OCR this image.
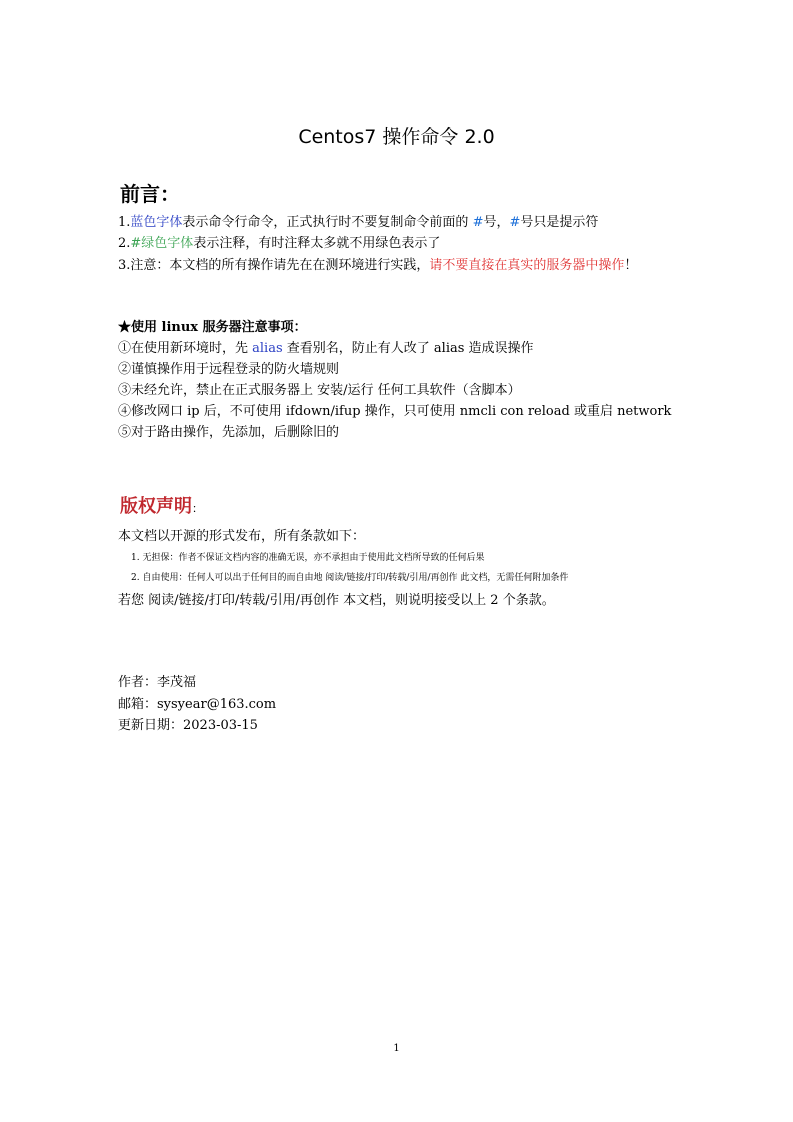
Centos7 操作命令 2.0
前言：
1.蓝色字体表示命令行命令，正式执行时不要复制命令前面的 #号，#号只是提示符
2.#绿色字体表示注释，有时注释太多就不用绿色表示了
3.注意：本文档的所有操作请先在在测环境进行实践，请不要直接在真实的服务器中操作！
★使用 linux 服务器注意事项：
①在使用新环境时，先 alias 查看别名，防止有人改了 alias 造成误操作
②谨慎操作用于远程登录的防火墙规则
③未经允许，禁止在正式服务器上 安装/运行 任何工具软件（含脚本）
④修改网口 ip 后，不可使用 ifdown/ifup 操作，只可使用 nmcli con reload 或重启 network
⑤对于路由操作，先添加，后删除旧的
版权声明：
本文档以开源的形式发布，所有条款如下：
1. 无担保：作者不保证文档内容的准确无误，亦不承担由于使用此文档所导致的任何后果
2. 自由使用：任何人可以出于任何目的而自由地 阅读/链接/打印/转载/引用/再创作 此文档，无需任何附加条件
若您 阅读/链接/打印/转载/引用/再创作 本文档，则说明接受以上 2 个条款。
作者：李茂福
邮箱：sysyear@163.com
更新日期：2023-03-15
1
